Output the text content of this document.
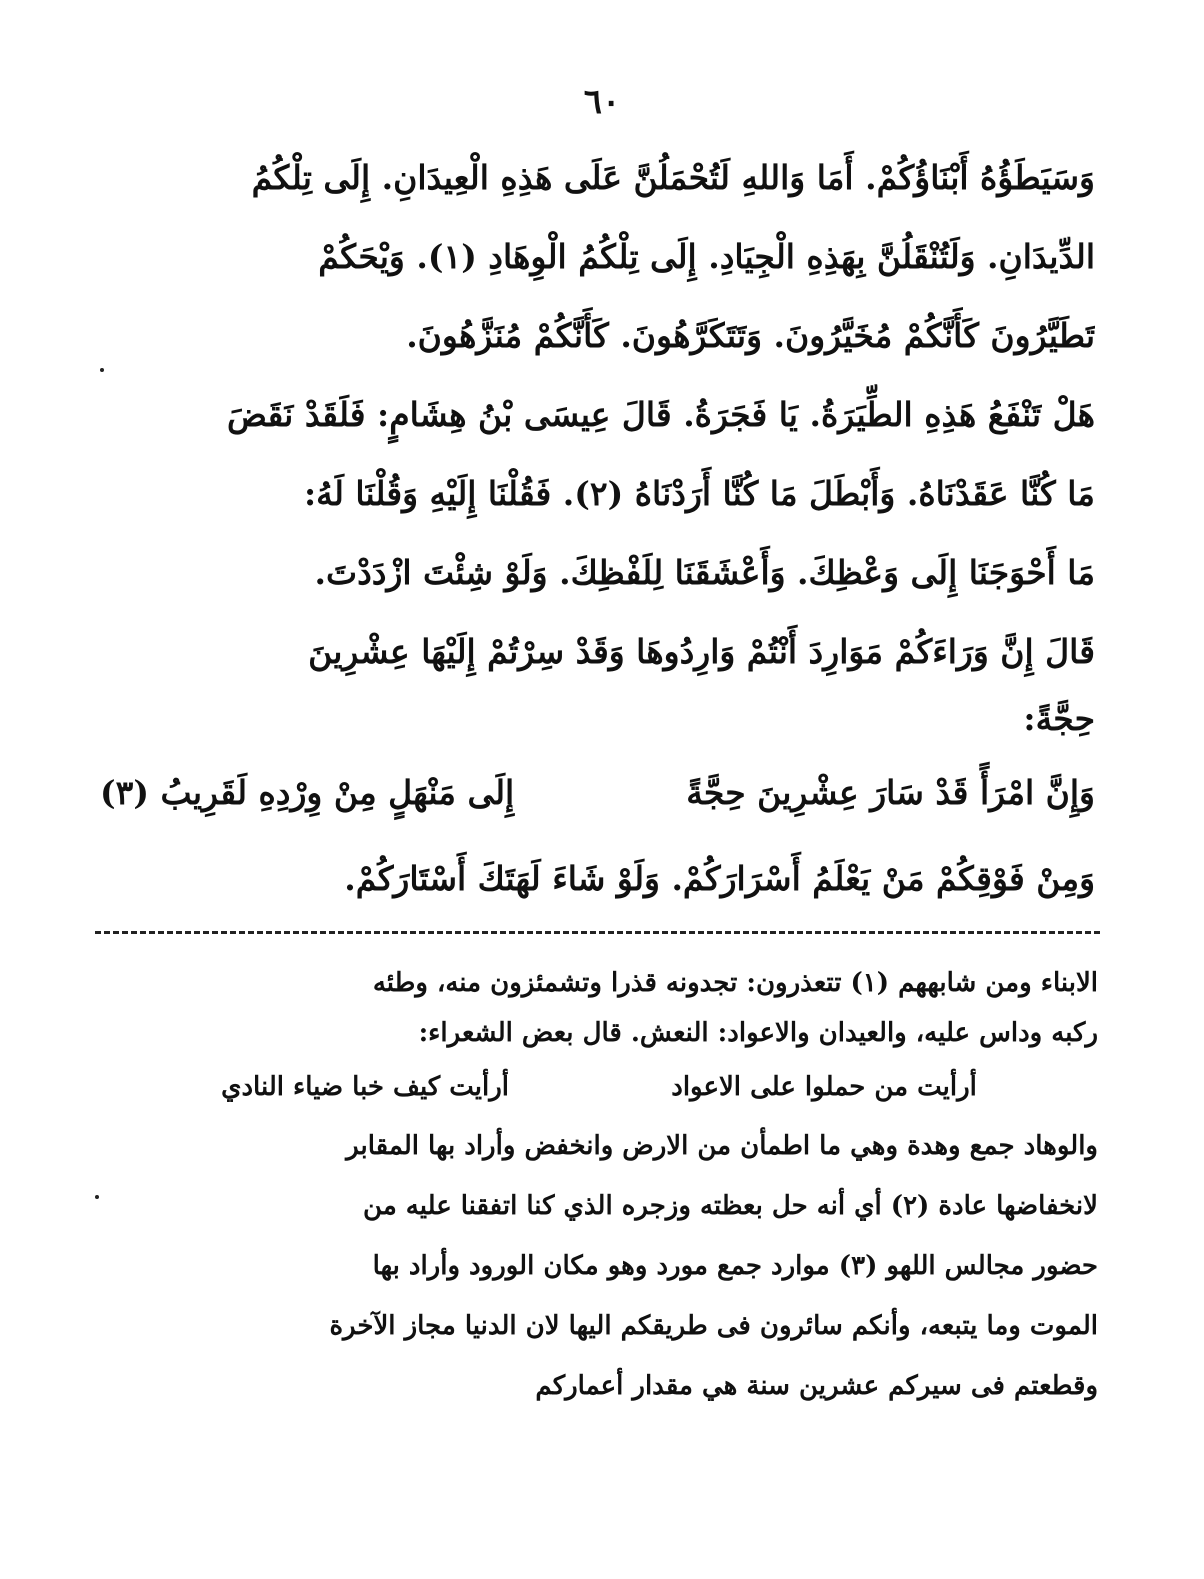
٦٠
وَسَيَطَؤُهُ أَبْنَاؤُكُمْ. أَمَا وَاللهِ لَتُحْمَلُنَّ عَلَى هَذِهِ الْعِيدَانِ. إِلَى تِلْكُمُ
الدِّيدَانِ. وَلَتُنْقَلُنَّ بِهَذِهِ الْجِيَادِ. إِلَى تِلْكُمُ الْوِهَادِ (١). وَيْحَكُمْ
تَطَيَّرُونَ كَأَنَّكُمْ مُخَيَّرُونَ. وَتَتَكَرَّهُونَ. كَأَنَّكُمْ مُنَزَّهُونَ.
هَلْ تَنْفَعُ هَذِهِ الطِّيَرَةُ. يَا فَجَرَةُ. قَالَ عِيسَى بْنُ هِشَامٍ: فَلَقَدْ نَقَضَ
مَا كُنَّا عَقَدْنَاهُ. وَأَبْطَلَ مَا كُنَّا أَرَدْنَاهُ (٢). فَقُلْنَا إِلَيْهِ وَقُلْنَا لَهُ:
مَا أَحْوَجَنَا إِلَى وَعْظِكَ. وَأَعْشَقَنَا لِلَفْظِكَ. وَلَوْ شِئْتَ ازْدَدْتَ.
قَالَ إِنَّ وَرَاءَكُمْ مَوَارِدَ أَنْتُمْ وَارِدُوهَا وَقَدْ سِرْتُمْ إِلَيْهَا عِشْرِينَ
حِجَّةً:
وَإِنَّ امْرَأً قَدْ سَارَ عِشْرِينَ حِجَّةً
إِلَى مَنْهَلٍ مِنْ وِرْدِهِ لَقَرِيبُ (٣)
وَمِنْ فَوْقِكُمْ مَنْ يَعْلَمُ أَسْرَارَكُمْ. وَلَوْ شَاءَ لَهَتَكَ أَسْتَارَكُمْ.
الابناء ومن شابههم (١) تتعذرون: تجدونه قذرا وتشمئزون منه، وطئه
ركبه وداس عليه، والعيدان والاعواد: النعش. قال بعض الشعراء:
أرأيت من حملوا على الاعواد
أرأيت كيف خبا ضياء النادي
والوهاد جمع وهدة وهي ما اطمأن من الارض وانخفض وأراد بها المقابر
لانخفاضها عادة (٢) أي أنه حل بعظته وزجره الذي كنا اتفقنا عليه من
حضور مجالس اللهو (٣) موارد جمع مورد وهو مكان الورود وأراد بها
الموت وما يتبعه، وأنكم سائرون فى طريقكم اليها لان الدنيا مجاز الآخرة
وقطعتم فى سيركم عشرين سنة هي مقدار أعماركم
